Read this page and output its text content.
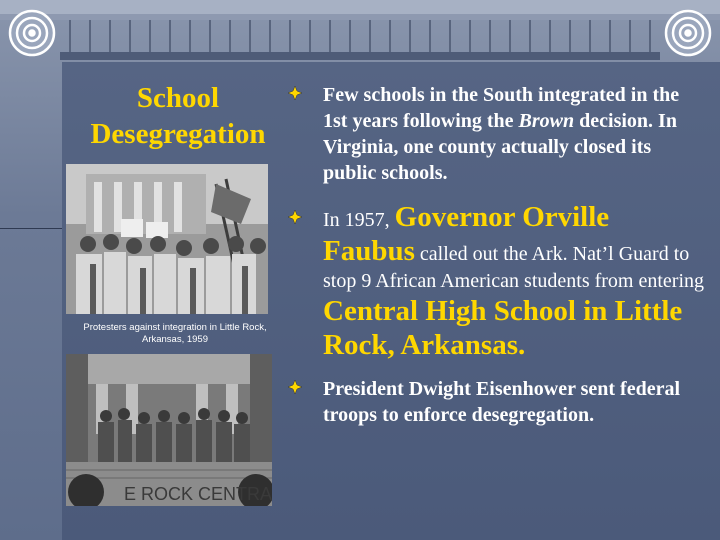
School
Desegregation
Protesters against integration in Little Rock, Arkansas, 1959
E ROCK CENTRA
Few schools in the South integrated in the 1st years following the Brown decision. In Virginia, one county actually closed its public schools.
In 1957, Governor Orville Faubus called out the Ark. Nat’l Guard to stop 9 African American students from entering Central High School in Little Rock, Arkansas.
President Dwight Eisenhower sent federal troops to enforce desegregation.
